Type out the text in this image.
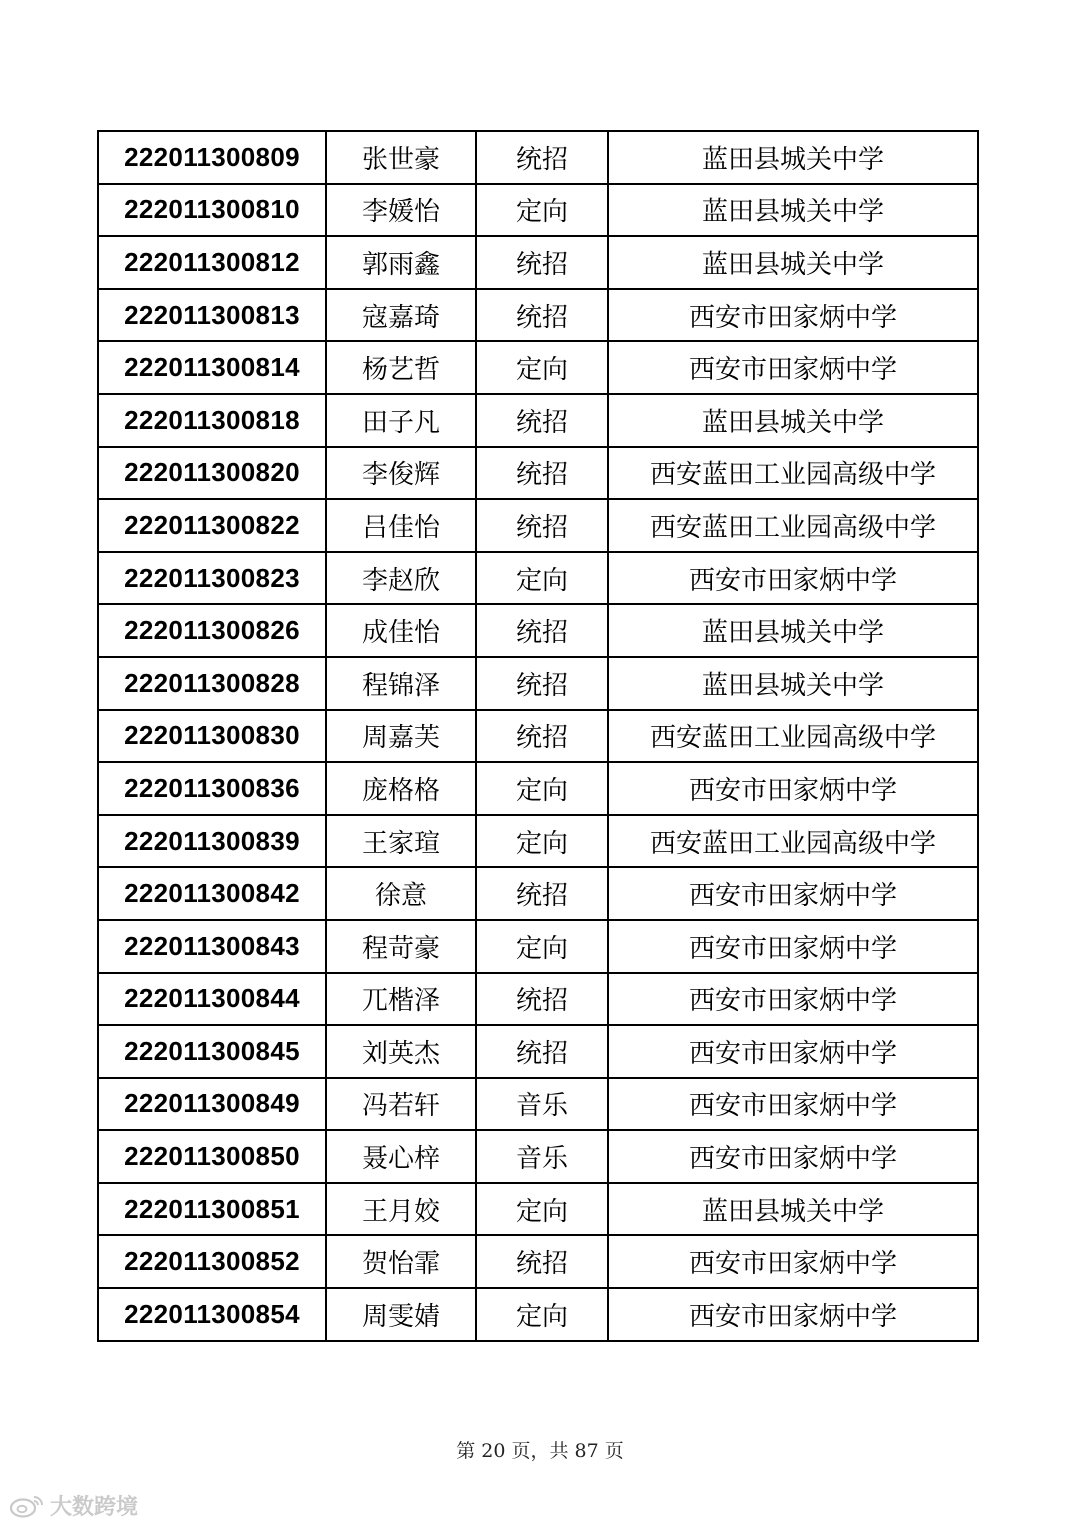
222011300809	张世豪	统招	蓝田县城关中学
222011300810	李媛怡	定向	蓝田县城关中学
222011300812	郭雨鑫	统招	蓝田县城关中学
222011300813	寇嘉琦	统招	西安市田家炳中学
222011300814	杨艺哲	定向	西安市田家炳中学
222011300818	田子凡	统招	蓝田县城关中学
222011300820	李俊辉	统招	西安蓝田工业园高级中学
222011300822	吕佳怡	统招	西安蓝田工业园高级中学
222011300823	李赵欣	定向	西安市田家炳中学
222011300826	成佳怡	统招	蓝田县城关中学
222011300828	程锦泽	统招	蓝田县城关中学
222011300830	周嘉芙	统招	西安蓝田工业园高级中学
222011300836	庞格格	定向	西安市田家炳中学
222011300839	王家瑄	定向	西安蓝田工业园高级中学
222011300842	徐意	统招	西安市田家炳中学
222011300843	程苛豪	定向	西安市田家炳中学
222011300844	兀楷泽	统招	西安市田家炳中学
222011300845	刘英杰	统招	西安市田家炳中学
222011300849	冯若轩	音乐	西安市田家炳中学
222011300850	聂心梓	音乐	西安市田家炳中学
222011300851	王月姣	定向	蓝田县城关中学
222011300852	贺怡霏	统招	西安市田家炳中学
222011300854	周雯婧	定向	西安市田家炳中学
第 20 页，共 87 页
大数跨境
